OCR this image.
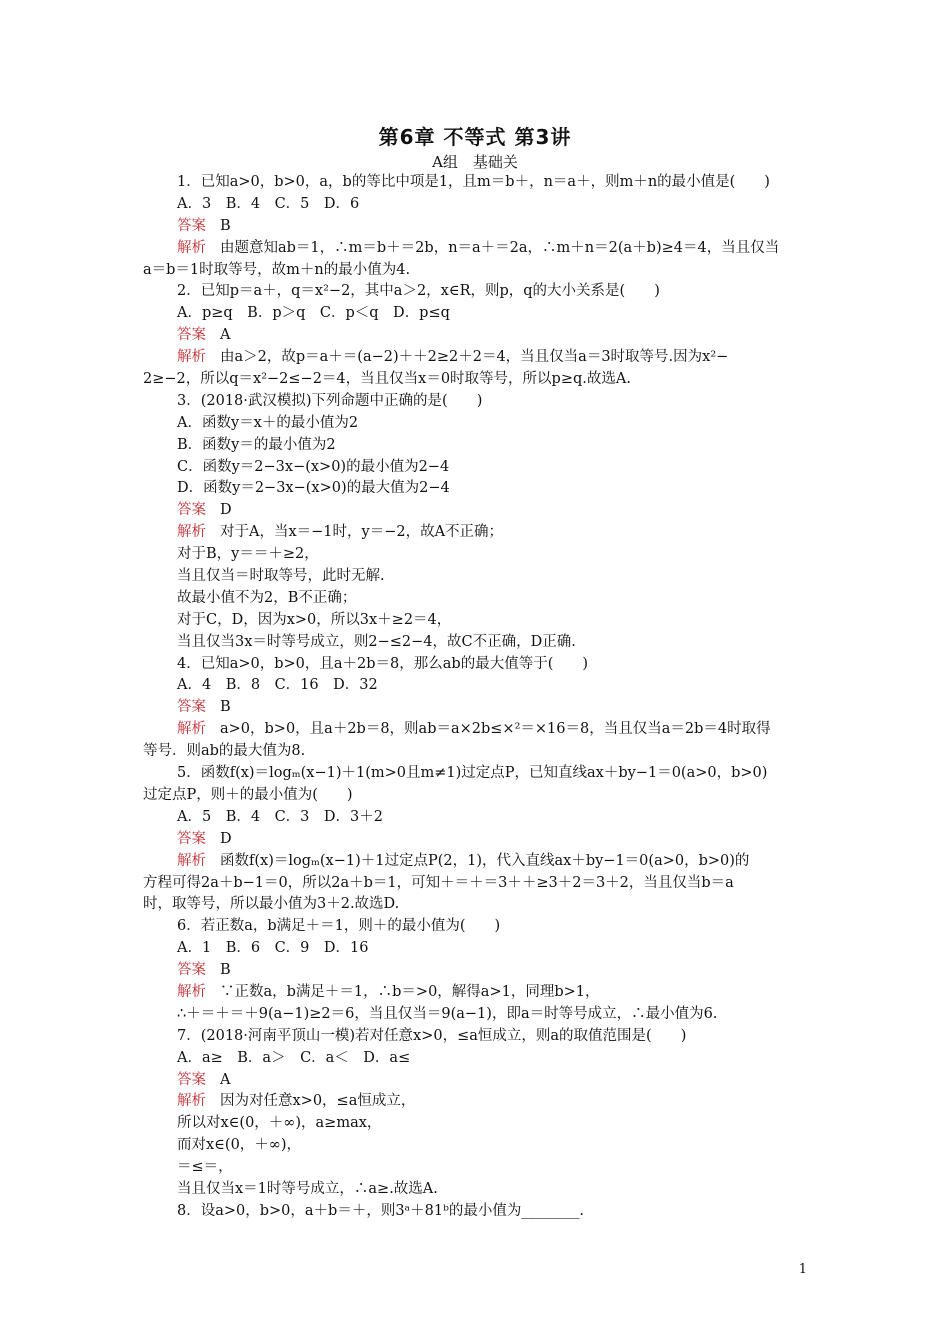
第6章 不等式 第3讲
A组　基础关
1．已知a>0，b>0，a，b的等比中项是1，且m＝b＋，n＝a＋，则m＋n的最小值是(　　)
A．3　B．4　C．5　D．6
答案 B
解析 由题意知ab＝1，∴m＝b＋＝2b，n＝a＋＝2a，∴m＋n＝2(a＋b)≥4＝4，当且仅当
a＝b＝1时取等号，故m＋n的最小值为4.
2．已知p＝a＋，q＝x²−2，其中a＞2，x∈R，则p，q的大小关系是(　　)
A．p≥q　B．p＞q　C．p＜q　D．p≤q
答案 A
解析 由a＞2，故p＝a＋＝(a−2)＋＋2≥2＋2＝4，当且仅当a＝3时取等号.因为x²−
2≥−2，所以q＝x²−2≤−2＝4，当且仅当x＝0时取等号，所以p≥q.故选A.
3．(2018·武汉模拟)下列命题中正确的是(　　)
A．函数y＝x＋的最小值为2
B．函数y＝的最小值为2
C．函数y＝2−3x−(x>0)的最小值为2−4
D．函数y＝2−3x−(x>0)的最大值为2−4
答案 D
解析 对于A，当x＝−1时，y＝−2，故A不正确；
对于B，y＝＝＋≥2，
当且仅当＝时取等号，此时无解.
故最小值不为2，B不正确；
对于C，D，因为x>0，所以3x＋≥2＝4，
当且仅当3x＝时等号成立，则2−≤2−4，故C不正确，D正确.
4．已知a>0，b>0，且a＋2b＝8，那么ab的最大值等于(　　)
A．4　B．8　C．16　D．32
答案 B
解析 a>0，b>0，且a＋2b＝8，则ab＝a×2b≤×²＝×16＝8，当且仅当a＝2b＝4时取得
等号．则ab的最大值为8.
5．函数f(x)＝logₘ(x−1)＋1(m>0且m≠1)过定点P，已知直线ax＋by−1＝0(a>0，b>0)
过定点P，则＋的最小值为(　　)
A．5　B．4　C．3　D．3＋2
答案 D
解析 函数f(x)＝logₘ(x−1)＋1过定点P(2，1)，代入直线ax＋by−1＝0(a>0，b>0)的
方程可得2a＋b−1＝0，所以2a＋b＝1，可知＋＝＋＝3＋＋≥3＋2＝3＋2，当且仅当b＝a
时，取等号，所以最小值为3＋2.故选D.
6．若正数a，b满足＋＝1，则＋的最小值为(　　)
A．1　B．6　C．9　D．16
答案 B
解析 ∵正数a，b满足＋＝1，∴b＝>0，解得a>1，同理b>1，
∴＋＝＋＝＋9(a−1)≥2＝6，当且仅当＝9(a−1)，即a＝时等号成立，∴最小值为6.
7．(2018·河南平顶山一模)若对任意x>0，≤a恒成立，则a的取值范围是(　　)
A．a≥　B．a＞　C．a＜　D．a≤
答案 A
解析 因为对任意x>0，≤a恒成立，
所以对x∈(0，＋∞)，a≥max，
而对x∈(0，＋∞)，
＝≤＝，
当且仅当x＝1时等号成立，∴a≥.故选A.
8．设a>0，b>0，a＋b＝＋，则3ᵃ＋81ᵇ的最小值为________.
1
